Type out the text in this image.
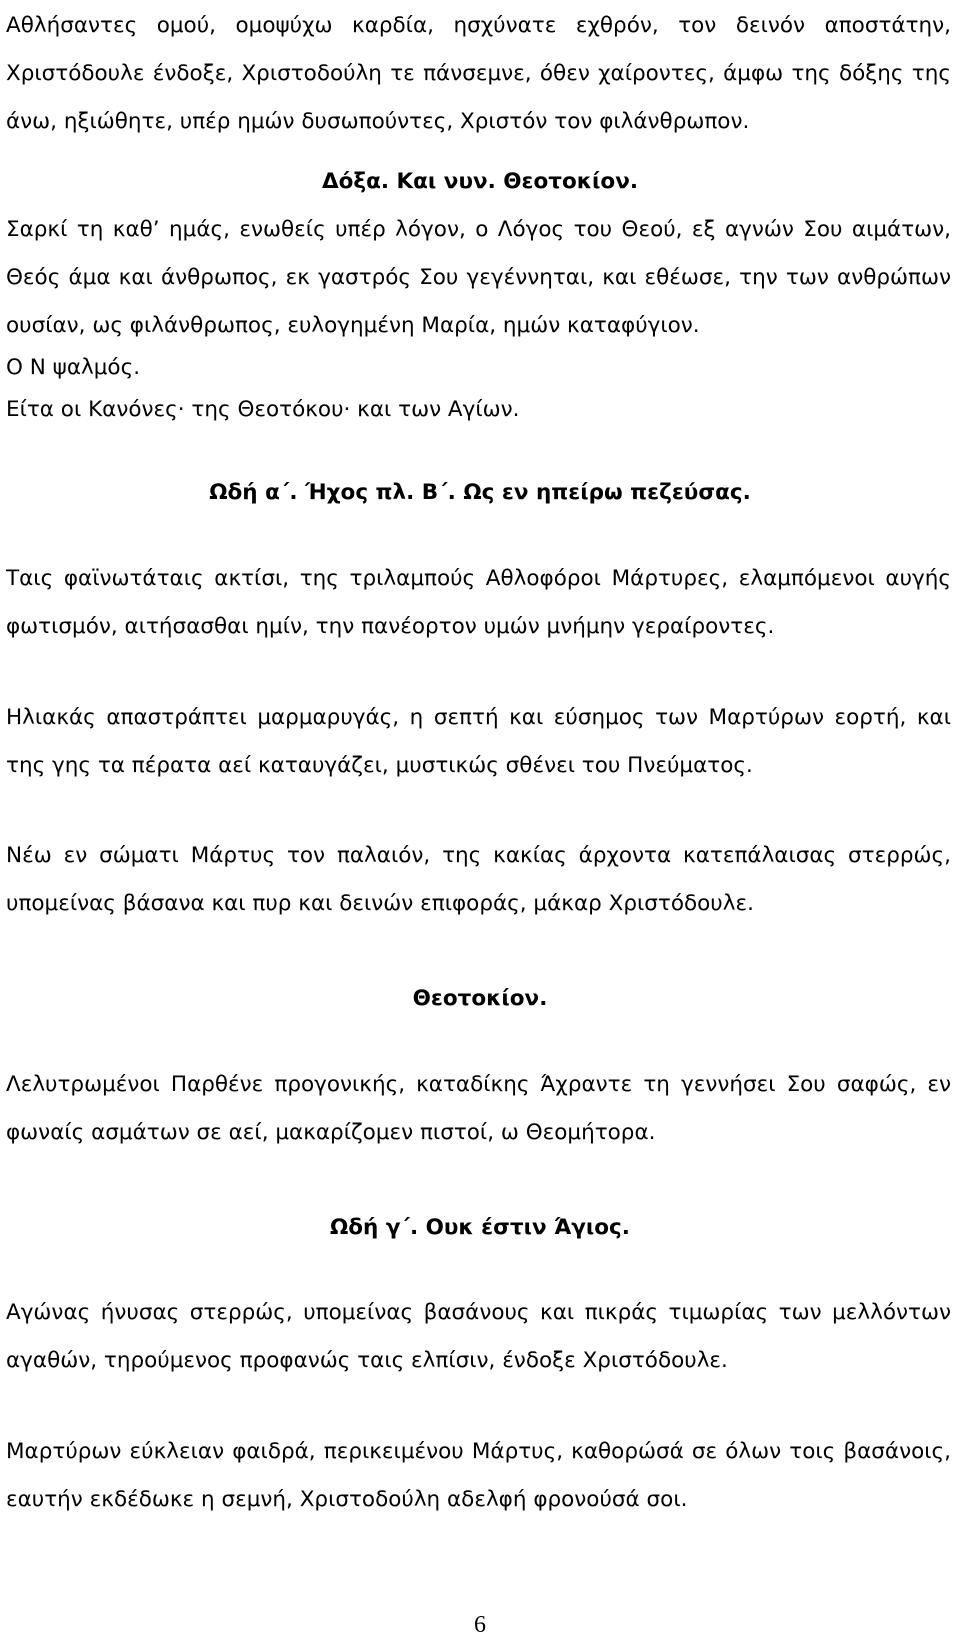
Αθλήσαντες ομού, ομοψύχω καρδία, ησχύνατε εχθρόν, τον δεινόν αποστάτην, Χριστόδουλε ένδοξε, Χριστοδούλη τε πάνσεμνε, όθεν χαίροντες, άμφω της δόξης της άνω, ηξιώθητε, υπέρ ημών δυσωπούντες, Χριστόν τον φιλάνθρωπον.

Δόξα. Και νυν. Θεοτοκίον.

Σαρκί τη καθ’ ημάς, ενωθείς υπέρ λόγον, ο Λόγος του Θεού, εξ αγνών Σου αιμάτων, Θεός άμα και άνθρωπος, εκ γαστρός Σου γεγέννηται, και εθέωσε, την των ανθρώπων ουσίαν, ως φιλάνθρωπος, ευλογημένη Μαρία, ημών καταφύγιον.

Ο Ν ψαλμός.

Είτα οι Κανόνες· της Θεοτόκου· και των Αγίων.

Ωδή α΄. Ήχος πλ. Β΄. Ως εν ηπείρω πεζεύσας.

Ταις φαϊνωτάταις ακτίσι, της τριλαμπούς Αθλοφόροι Μάρτυρες, ελαμπόμενοι αυγής φωτισμόν, αιτήσασθαι ημίν, την πανέορτον υμών μνήμην γεραίροντες.

Ηλιακάς απαστράπτει μαρμαρυγάς, η σεπτή και εύσημος των Μαρτύρων εορτή, και της γης τα πέρατα αεί καταυγάζει, μυστικώς σθένει του Πνεύματος.

Νέω εν σώματι Μάρτυς τον παλαιόν, της κακίας άρχοντα κατεπάλαισας στερρώς, υπομείνας βάσανα και πυρ και δεινών επιφοράς, μάκαρ Χριστόδουλε.

Θεοτοκίον.

Λελυτρωμένοι Παρθένε προγονικής, καταδίκης Άχραντε τη γεννήσει Σου σαφώς, εν φωναίς ασμάτων σε αεί, μακαρίζομεν πιστοί, ω Θεομήτορα.

Ωδή γ΄. Ουκ έστιν Άγιος.

Αγώνας ήνυσας στερρώς, υπομείνας βασάνους και πικράς τιμωρίας των μελλόντων αγαθών, τηρούμενος προφανώς ταις ελπίσιν, ένδοξε Χριστόδουλε.

Μαρτύρων εύκλειαν φαιδρά, περικειμένου Μάρτυς, καθορώσά σε όλων τοις βασάνοις, εαυτήν εκδέδωκε η σεμνή, Χριστοδούλη αδελφή φρονούσά σοι.

6
